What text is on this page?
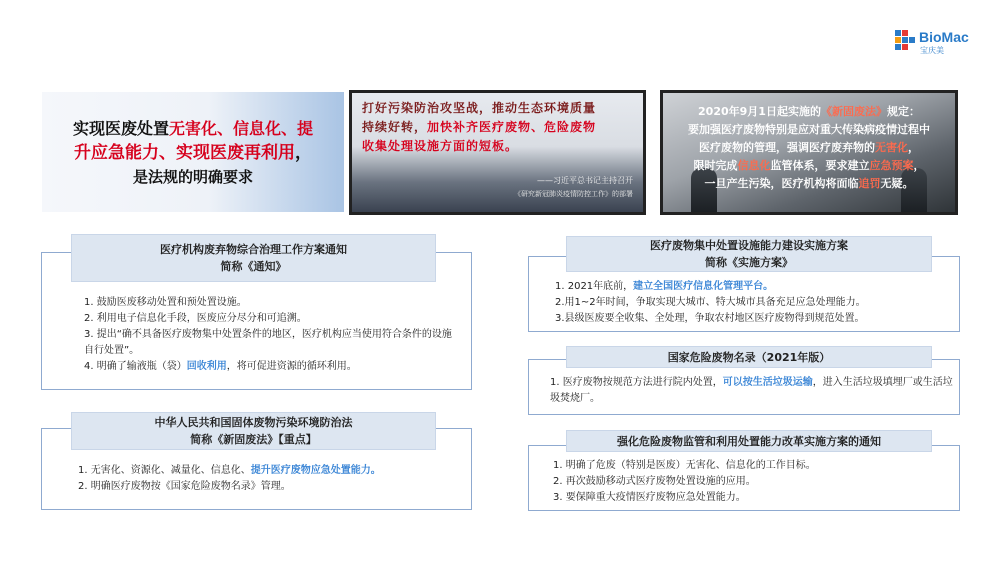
BioMac
宝庆美
实现医废处置无害化、信息化、提
升应急能力、实现医废再利用，
是法规的明确要求
打好污染防治攻坚战，推动生态环境质量
持续好转，加快补齐医疗废物、危险废物
收集处理设施方面的短板。
——习近平总书记主持召开
《研究新冠肺炎疫情防控工作》的部署
2020年9月1日起实施的《新固废法》规定：
要加强医疗废物特别是应对重大传染病疫情过程中
医疗废物的管理，强调医疗废弃物的无害化，
限时完成信息化监管体系，要求建立应急预案，
一旦产生污染，医疗机构将面临追罚无疑。
医疗机构废弃物综合治理工作方案通知
简称《通知》

1. 鼓励医废移动处置和预处置设施。

2. 利用电子信息化手段，医废应分尽分和可追溯。

3. 提出“确不具备医疗废物集中处置条件的地区，医疗机构应当使用符合条件的设施自行处置”。

4. 明确了输液瓶（袋）回收利用，将可促进资源的循环利用。

中华人民共和国固体废物污染环境防治法
简称《新固废法》【重点】

1. 无害化、资源化、减量化、信息化、提升医疗废物应急处置能力。

2. 明确医疗废物按《国家危险废物名录》管理。

医疗废物集中处置设施能力建设实施方案
简称《实施方案》

1. 2021年底前，建立全国医疗信息化管理平台。

2.用1~2年时间，争取实现大城市、特大城市具备充足应急处理能力。

3.县级医废要全收集、全处理，争取农村地区医疗废物得到规范处置。

国家危险废物名录（2021年版）

1. 医疗废物按规范方法进行院内处置，可以按生活垃圾运输，进入生活垃圾填埋厂或生活垃圾焚烧厂。

强化危险废物监管和利用处置能力改革实施方案的通知

1. 明确了危废（特别是医废）无害化、信息化的工作目标。

2. 再次鼓励移动式医疗废物处置设施的应用。

3. 要保障重大疫情医疗废物应急处置能力。
